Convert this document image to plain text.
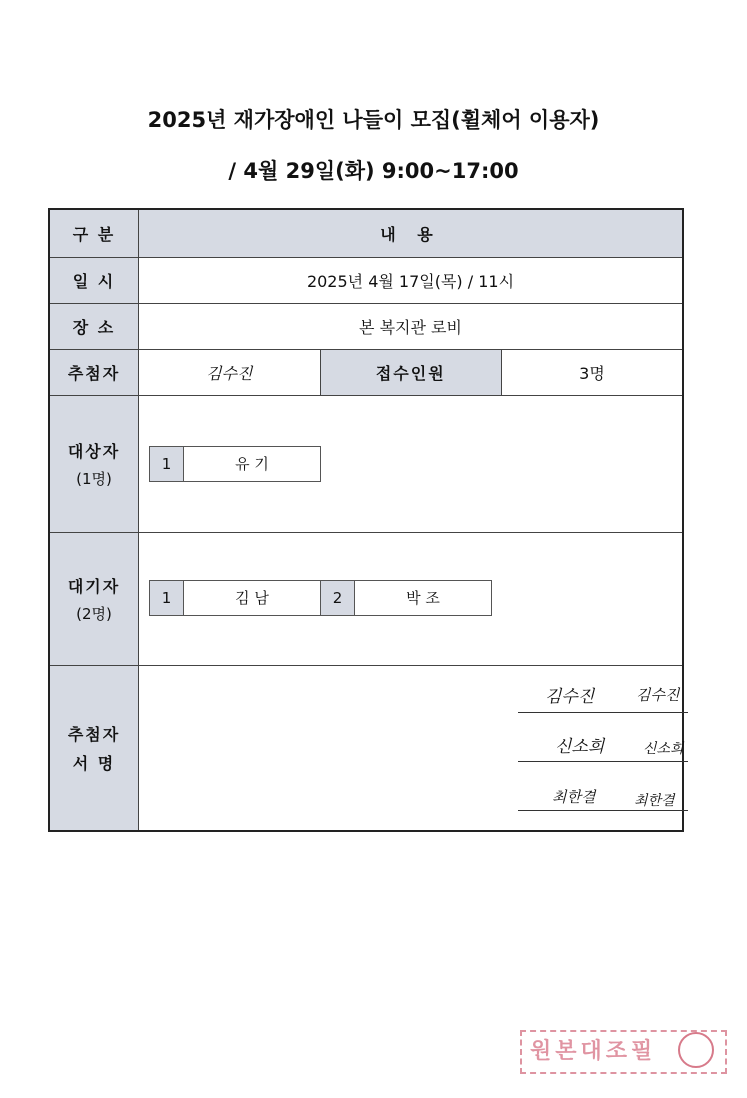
2025년 재가장애인 나들이 모집(휠체어 이용자)
/ 4월 29일(화) 9:00~17:00
구 분	내 용
일 시	2025년 4월 17일(목) / 11시
장 소	본 복지관 로비
추첨자	김수진	접수인원	3명
대상자
(1명)

1	유 기

대기자
(2명)

1	김 남	2	박 조

추첨자
서 명

김수진	김수진
신소희	신소희
최한결	최한결
원본대조필
